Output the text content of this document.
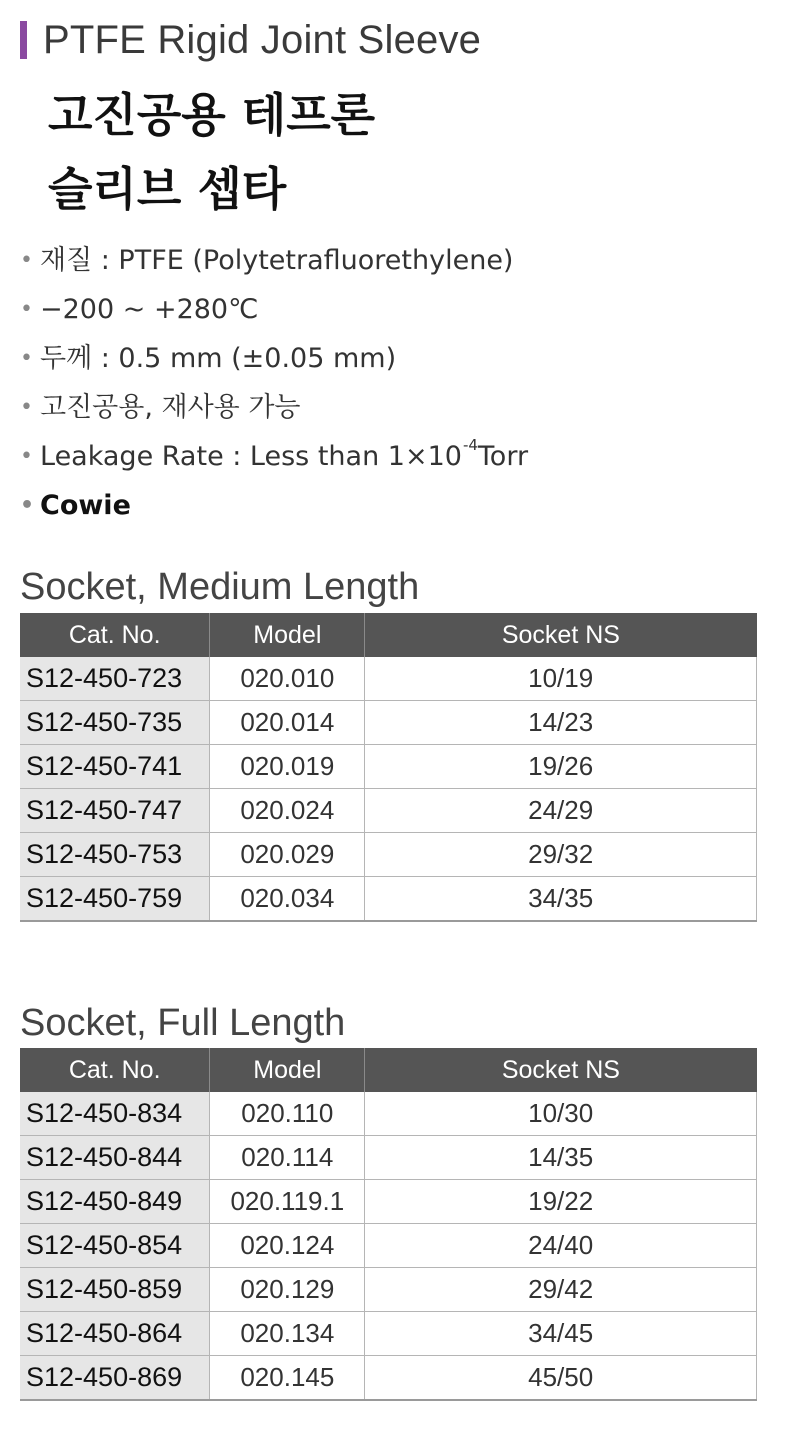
PTFE Rigid Joint Sleeve
고진공용 테프론
슬리브 셉타
• 재질 : PTFE (Polytetrafluorethylene)
• −200 ~ +280℃
• 두께 : 0.5 mm (±0.05 mm)
• 고진공용, 재사용 가능
• Leakage Rate : Less than $1\times 10^{-4}$ Torr
• Cowie
Socket, Medium Length
Cat. No.	Model	Socket NS
S12-450-723	020.010	10/19
S12-450-735	020.014	14/23
S12-450-741	020.019	19/26
S12-450-747	020.024	24/29
S12-450-753	020.029	29/32
S12-450-759	020.034	34/35
Socket, Full Length
Cat. No.	Model	Socket NS
S12-450-834	020.110	10/30
S12-450-844	020.114	14/35
S12-450-849	020.119.1	19/22
S12-450-854	020.124	24/40
S12-450-859	020.129	29/42
S12-450-864	020.134	34/45
S12-450-869	020.145	45/50
